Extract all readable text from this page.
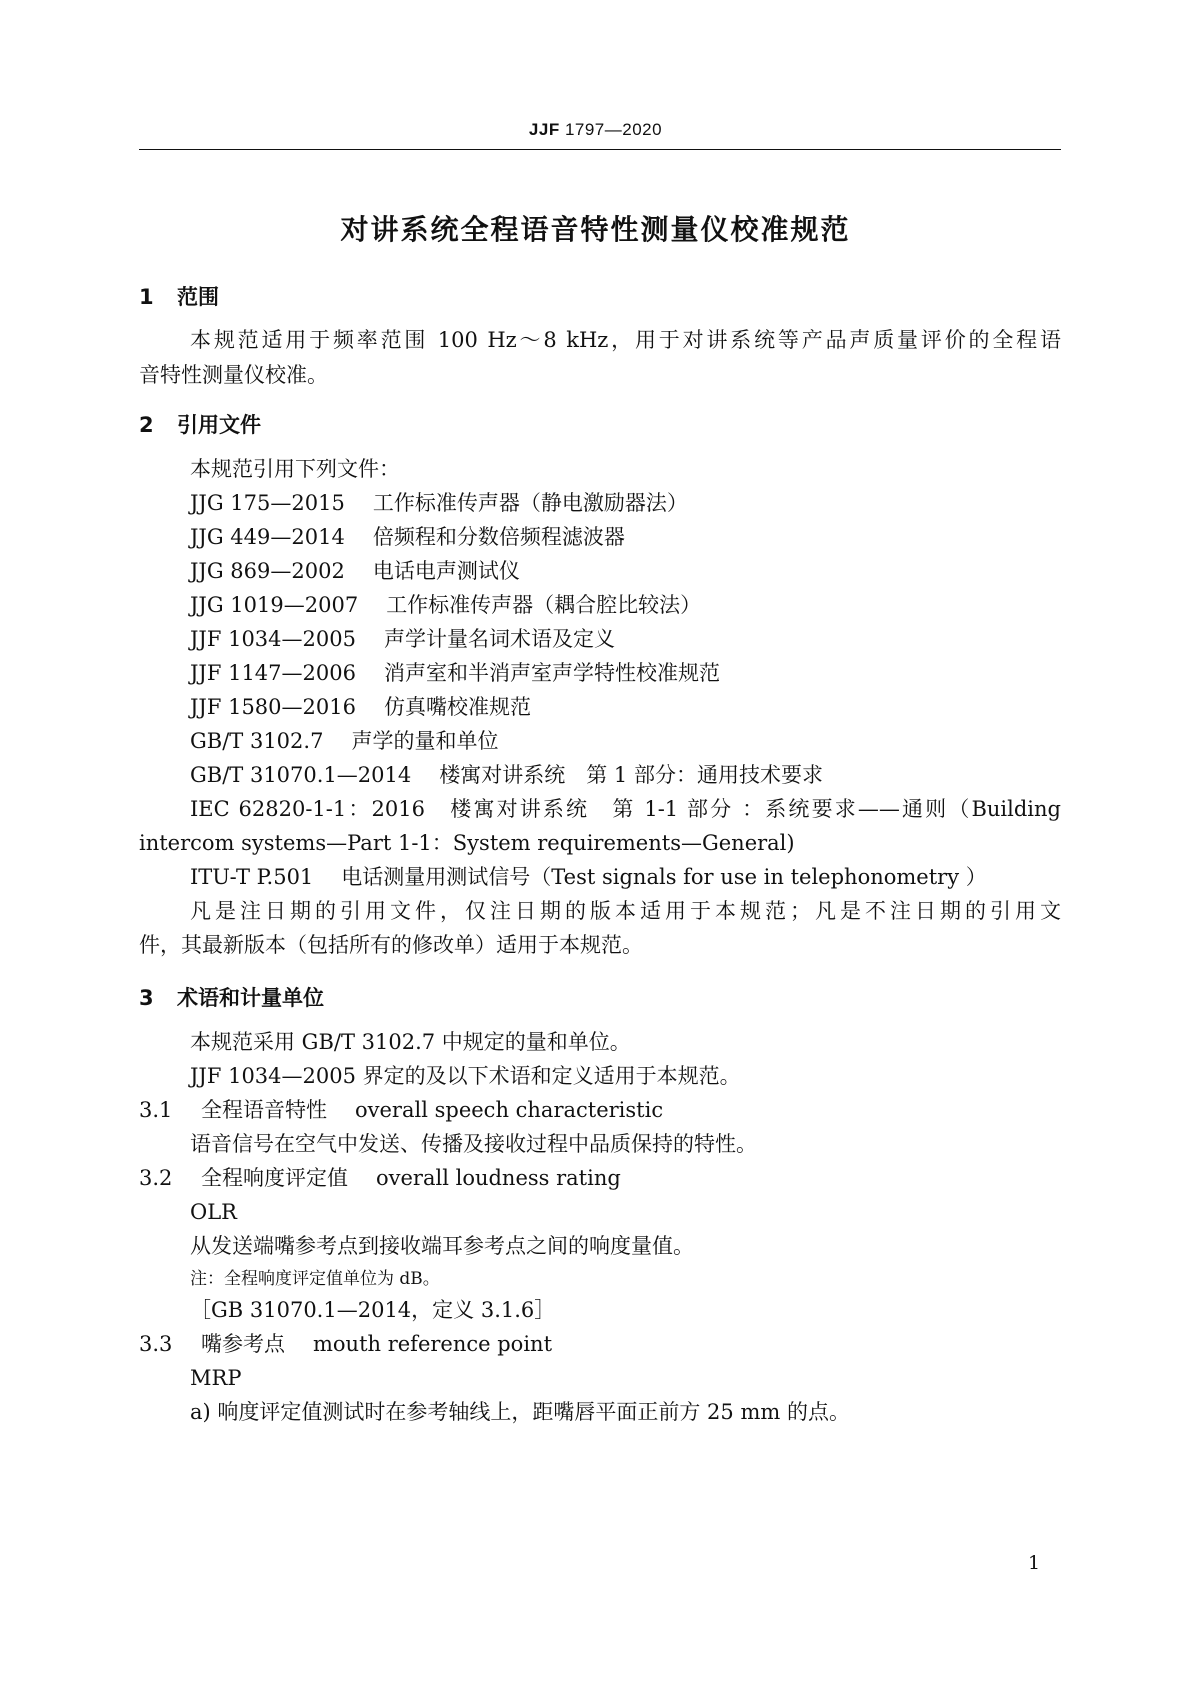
JJF 1797—2020
对讲系统全程语音特性测量仪校准规范
1 范围
本规范适用于频率范围 100 Hz～8 kHz，用于对讲系统等产品声质量评价的全程语
音特性测量仪校准。
2 引用文件
本规范引用下列文件：
JJG 175—2015 工作标准传声器（静电激励器法）
JJG 449—2014 倍频程和分数倍频程滤波器
JJG 869—2002 电话电声测试仪
JJG 1019—2007 工作标准传声器（耦合腔比较法）
JJF 1034—2005 声学计量名词术语及定义
JJF 1147—2006 消声室和半消声室声学特性校准规范
JJF 1580—2016 仿真嘴校准规范
GB/T 3102.7 声学的量和单位
GB/T 31070.1—2014 楼寓对讲系统　第 1 部分：通用技术要求
IEC 62820-1-1：2016　楼寓对讲系统　第 1-1 部分 ：系统要求——通则（Building
intercom systems—Part 1-1：System requirements—General)
ITU-T P.501 电话测量用测试信号（Test signals for use in telephonometry ）
凡是注日期的引用文件，仅注日期的版本适用于本规范；凡是不注日期的引用文
件，其最新版本（包括所有的修改单）适用于本规范。
3 术语和计量单位
本规范采用 GB/T 3102.7 中规定的量和单位。
JJF 1034—2005 界定的及以下术语和定义适用于本规范。
3.1 全程语音特性 overall speech characteristic
语音信号在空气中发送、传播及接收过程中品质保持的特性。
3.2 全程响度评定值 overall loudness rating
OLR
从发送端嘴参考点到接收端耳参考点之间的响度量值。
注：全程响度评定值单位为 dB。
［GB 31070.1—2014，定义 3.1.6］
3.3 嘴参考点 mouth reference point
MRP
a) 响度评定值测试时在参考轴线上，距嘴唇平面正前方 25 mm 的点。
1
